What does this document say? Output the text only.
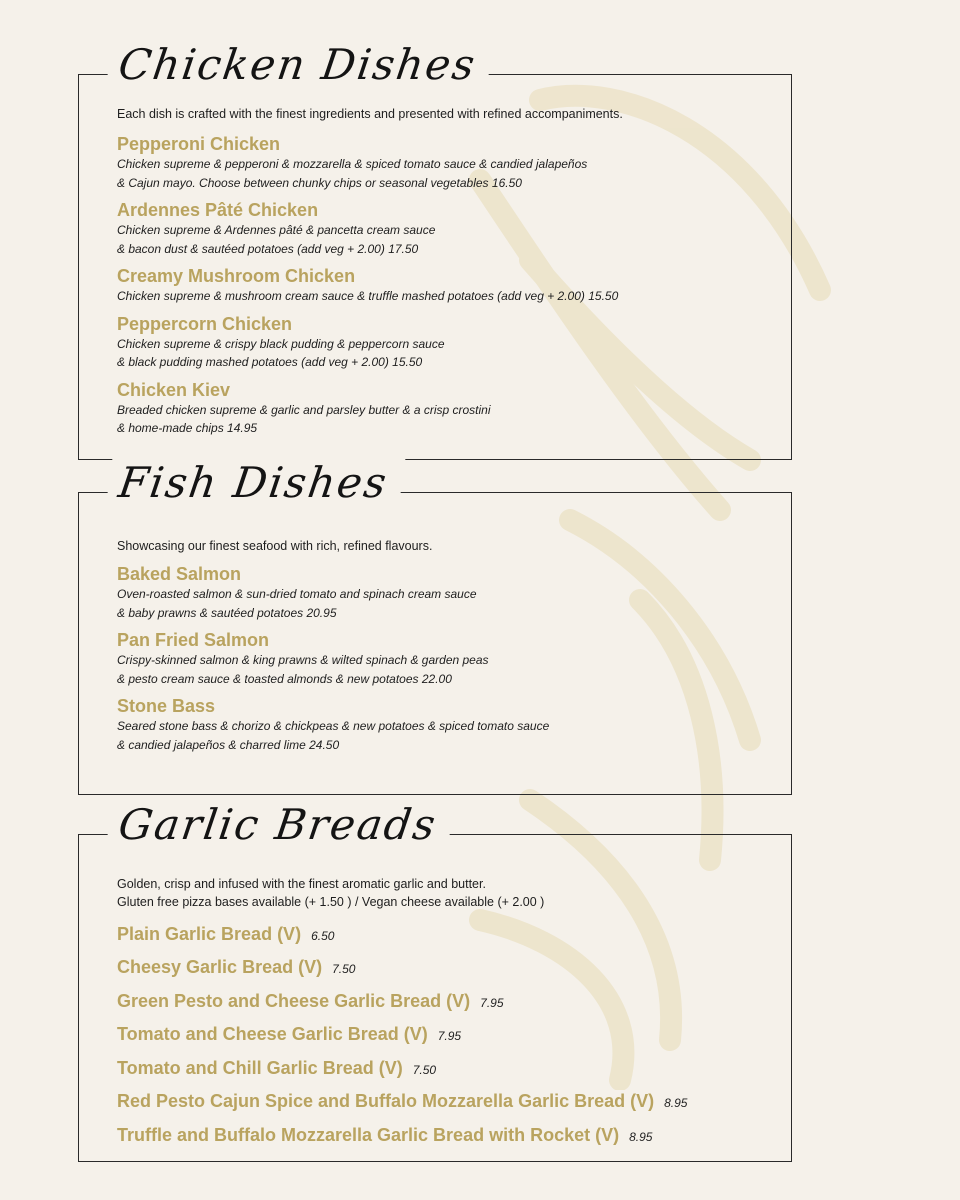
Chicken Dishes

Each dish is crafted with the finest ingredients and presented with refined accompaniments.

Pepperoni Chicken
Chicken supreme & pepperoni & mozzarella & spiced tomato sauce & candied jalapeños
& Cajun mayo. Choose between chunky chips or seasonal vegetables 16.50
Ardennes Pâté Chicken
Chicken supreme & Ardennes pâté & pancetta cream sauce
& bacon dust & sautéed potatoes (add veg + 2.00) 17.50
Creamy Mushroom Chicken
Chicken supreme & mushroom cream sauce & truffle mashed potatoes (add veg + 2.00) 15.50
Peppercorn Chicken
Chicken supreme & crispy black pudding & peppercorn sauce
& black pudding mashed potatoes (add veg + 2.00) 15.50
Chicken Kiev
Breaded chicken supreme & garlic and parsley butter & a crisp crostini
& home-made chips 14.95
Fish Dishes

Showcasing our finest seafood with rich, refined flavours.

Baked Salmon
Oven-roasted salmon & sun-dried tomato and spinach cream sauce
& baby prawns & sautéed potatoes 20.95
Pan Fried Salmon
Crispy-skinned salmon & king prawns & wilted spinach & garden peas
& pesto cream sauce & toasted almonds & new potatoes 22.00
Stone Bass
Seared stone bass & chorizo & chickpeas & new potatoes & spiced tomato sauce
& candied jalapeños & charred lime 24.50
Garlic Breads

Golden, crisp and infused with the finest aromatic garlic and butter.

Gluten free pizza bases available (+ 1.50 ) / Vegan cheese available (+ 2.00 )

Plain Garlic Bread (V) 6.50
Cheesy Garlic Bread (V) 7.50
Green Pesto and Cheese Garlic Bread (V) 7.95
Tomato and Cheese Garlic Bread (V) 7.95
Tomato and Chill Garlic Bread (V) 7.50
Red Pesto Cajun Spice and Buffalo Mozzarella Garlic Bread (V) 8.95
Truffle and Buffalo Mozzarella Garlic Bread with Rocket (V) 8.95
